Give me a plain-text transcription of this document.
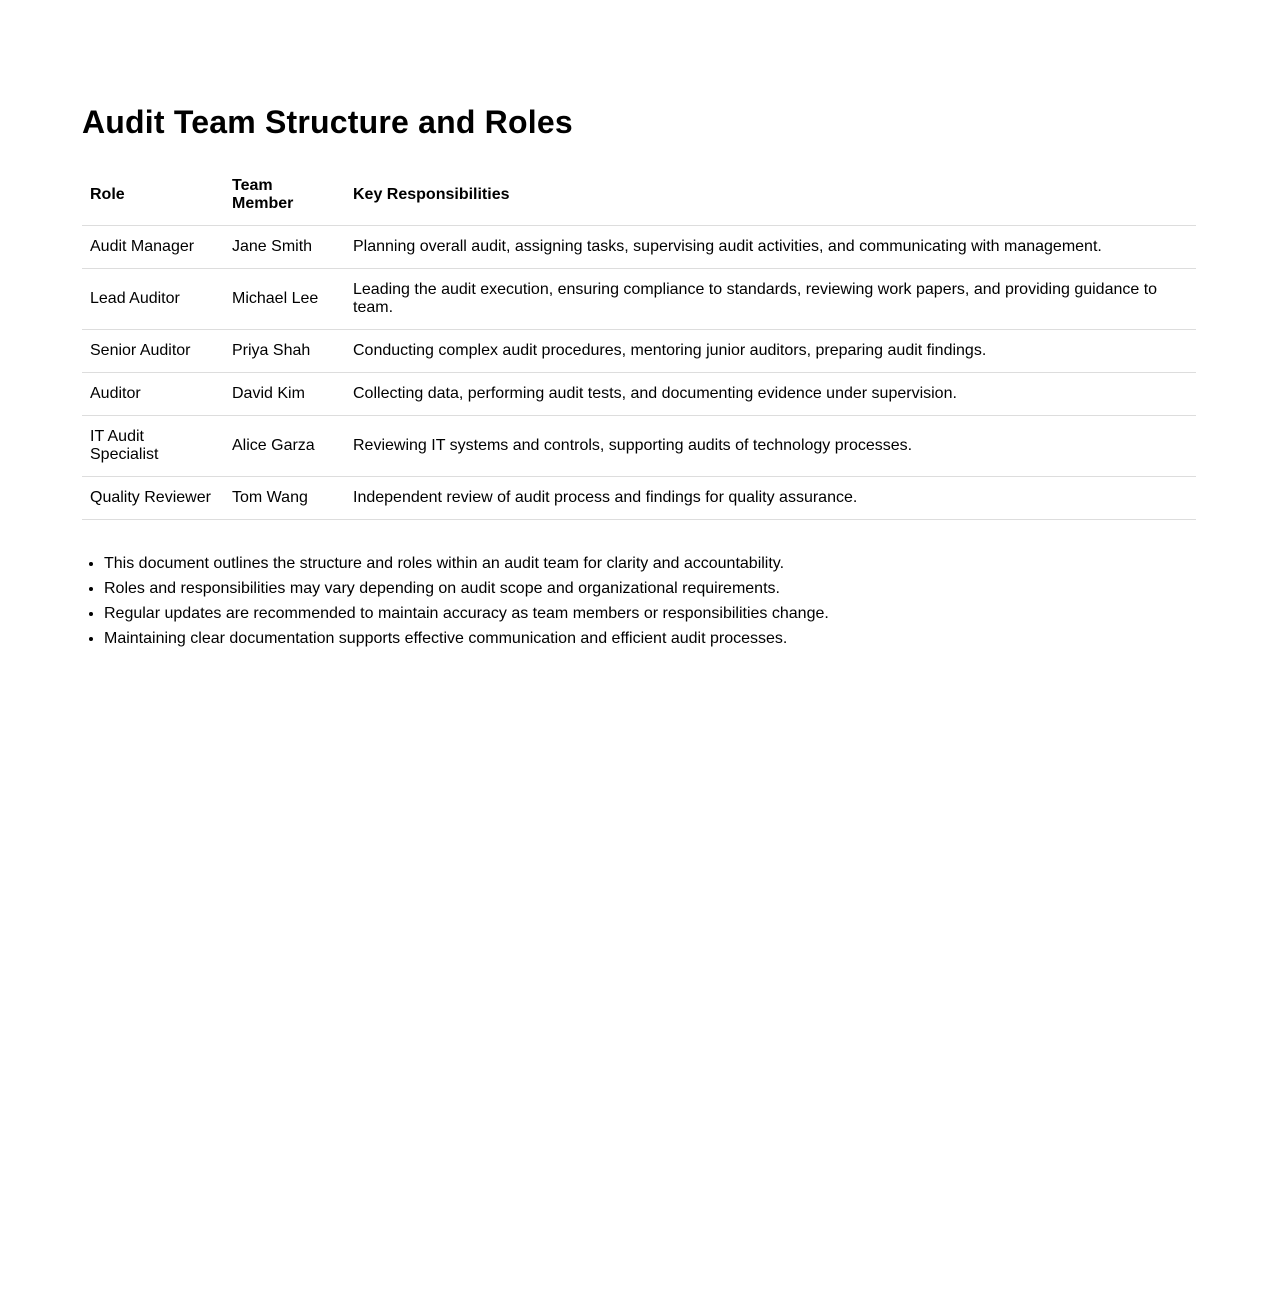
Audit Team Structure and Roles
Role	Team Member	Key Responsibilities
Audit Manager	Jane Smith	Planning overall audit, assigning tasks, supervising audit activities, and communicating with management.
Lead Auditor	Michael Lee	Leading the audit execution, ensuring compliance to standards, reviewing work papers, and providing guidance to team.
Senior Auditor	Priya Shah	Conducting complex audit procedures, mentoring junior auditors, preparing audit findings.
Auditor	David Kim	Collecting data, performing audit tests, and documenting evidence under supervision.
IT Audit Specialist	Alice Garza	Reviewing IT systems and controls, supporting audits of technology processes.
Quality Reviewer	Tom Wang	Independent review of audit process and findings for quality assurance.
• This document outlines the structure and roles within an audit team for clarity and accountability.
• Roles and responsibilities may vary depending on audit scope and organizational requirements.
• Regular updates are recommended to maintain accuracy as team members or responsibilities change.
• Maintaining clear documentation supports effective communication and efficient audit processes.
